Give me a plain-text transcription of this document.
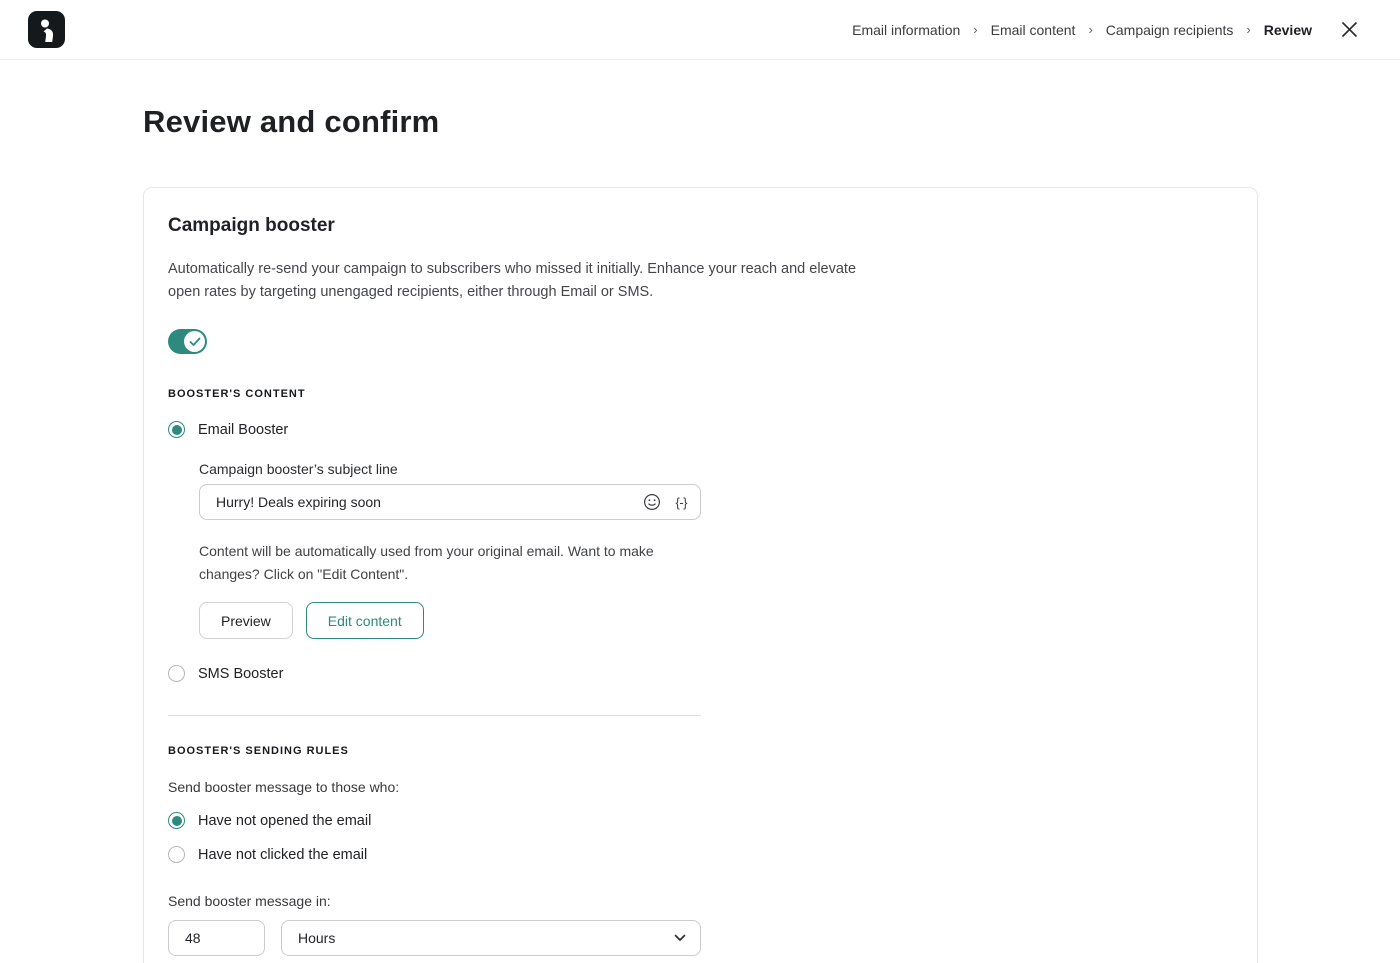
Email information › Email content › Campaign recipients › Review
Review and confirm
Campaign booster

Automatically re-send your campaign to subscribers who missed it initially. Enhance your reach and elevate open rates by targeting unengaged recipients, either through Email or SMS.

BOOSTER'S CONTENT
Email Booster
Campaign booster’s subject line
Hurry! Deals expiring soon
{-}

Content will be automatically used from your original email. Want to make changes? Click on "Edit Content".

Preview	Edit content
SMS Booster
BOOSTER'S SENDING RULES
Send booster message to those who:
Have not opened the email
Have not clicked the email
Send booster message in:
48
Hours
